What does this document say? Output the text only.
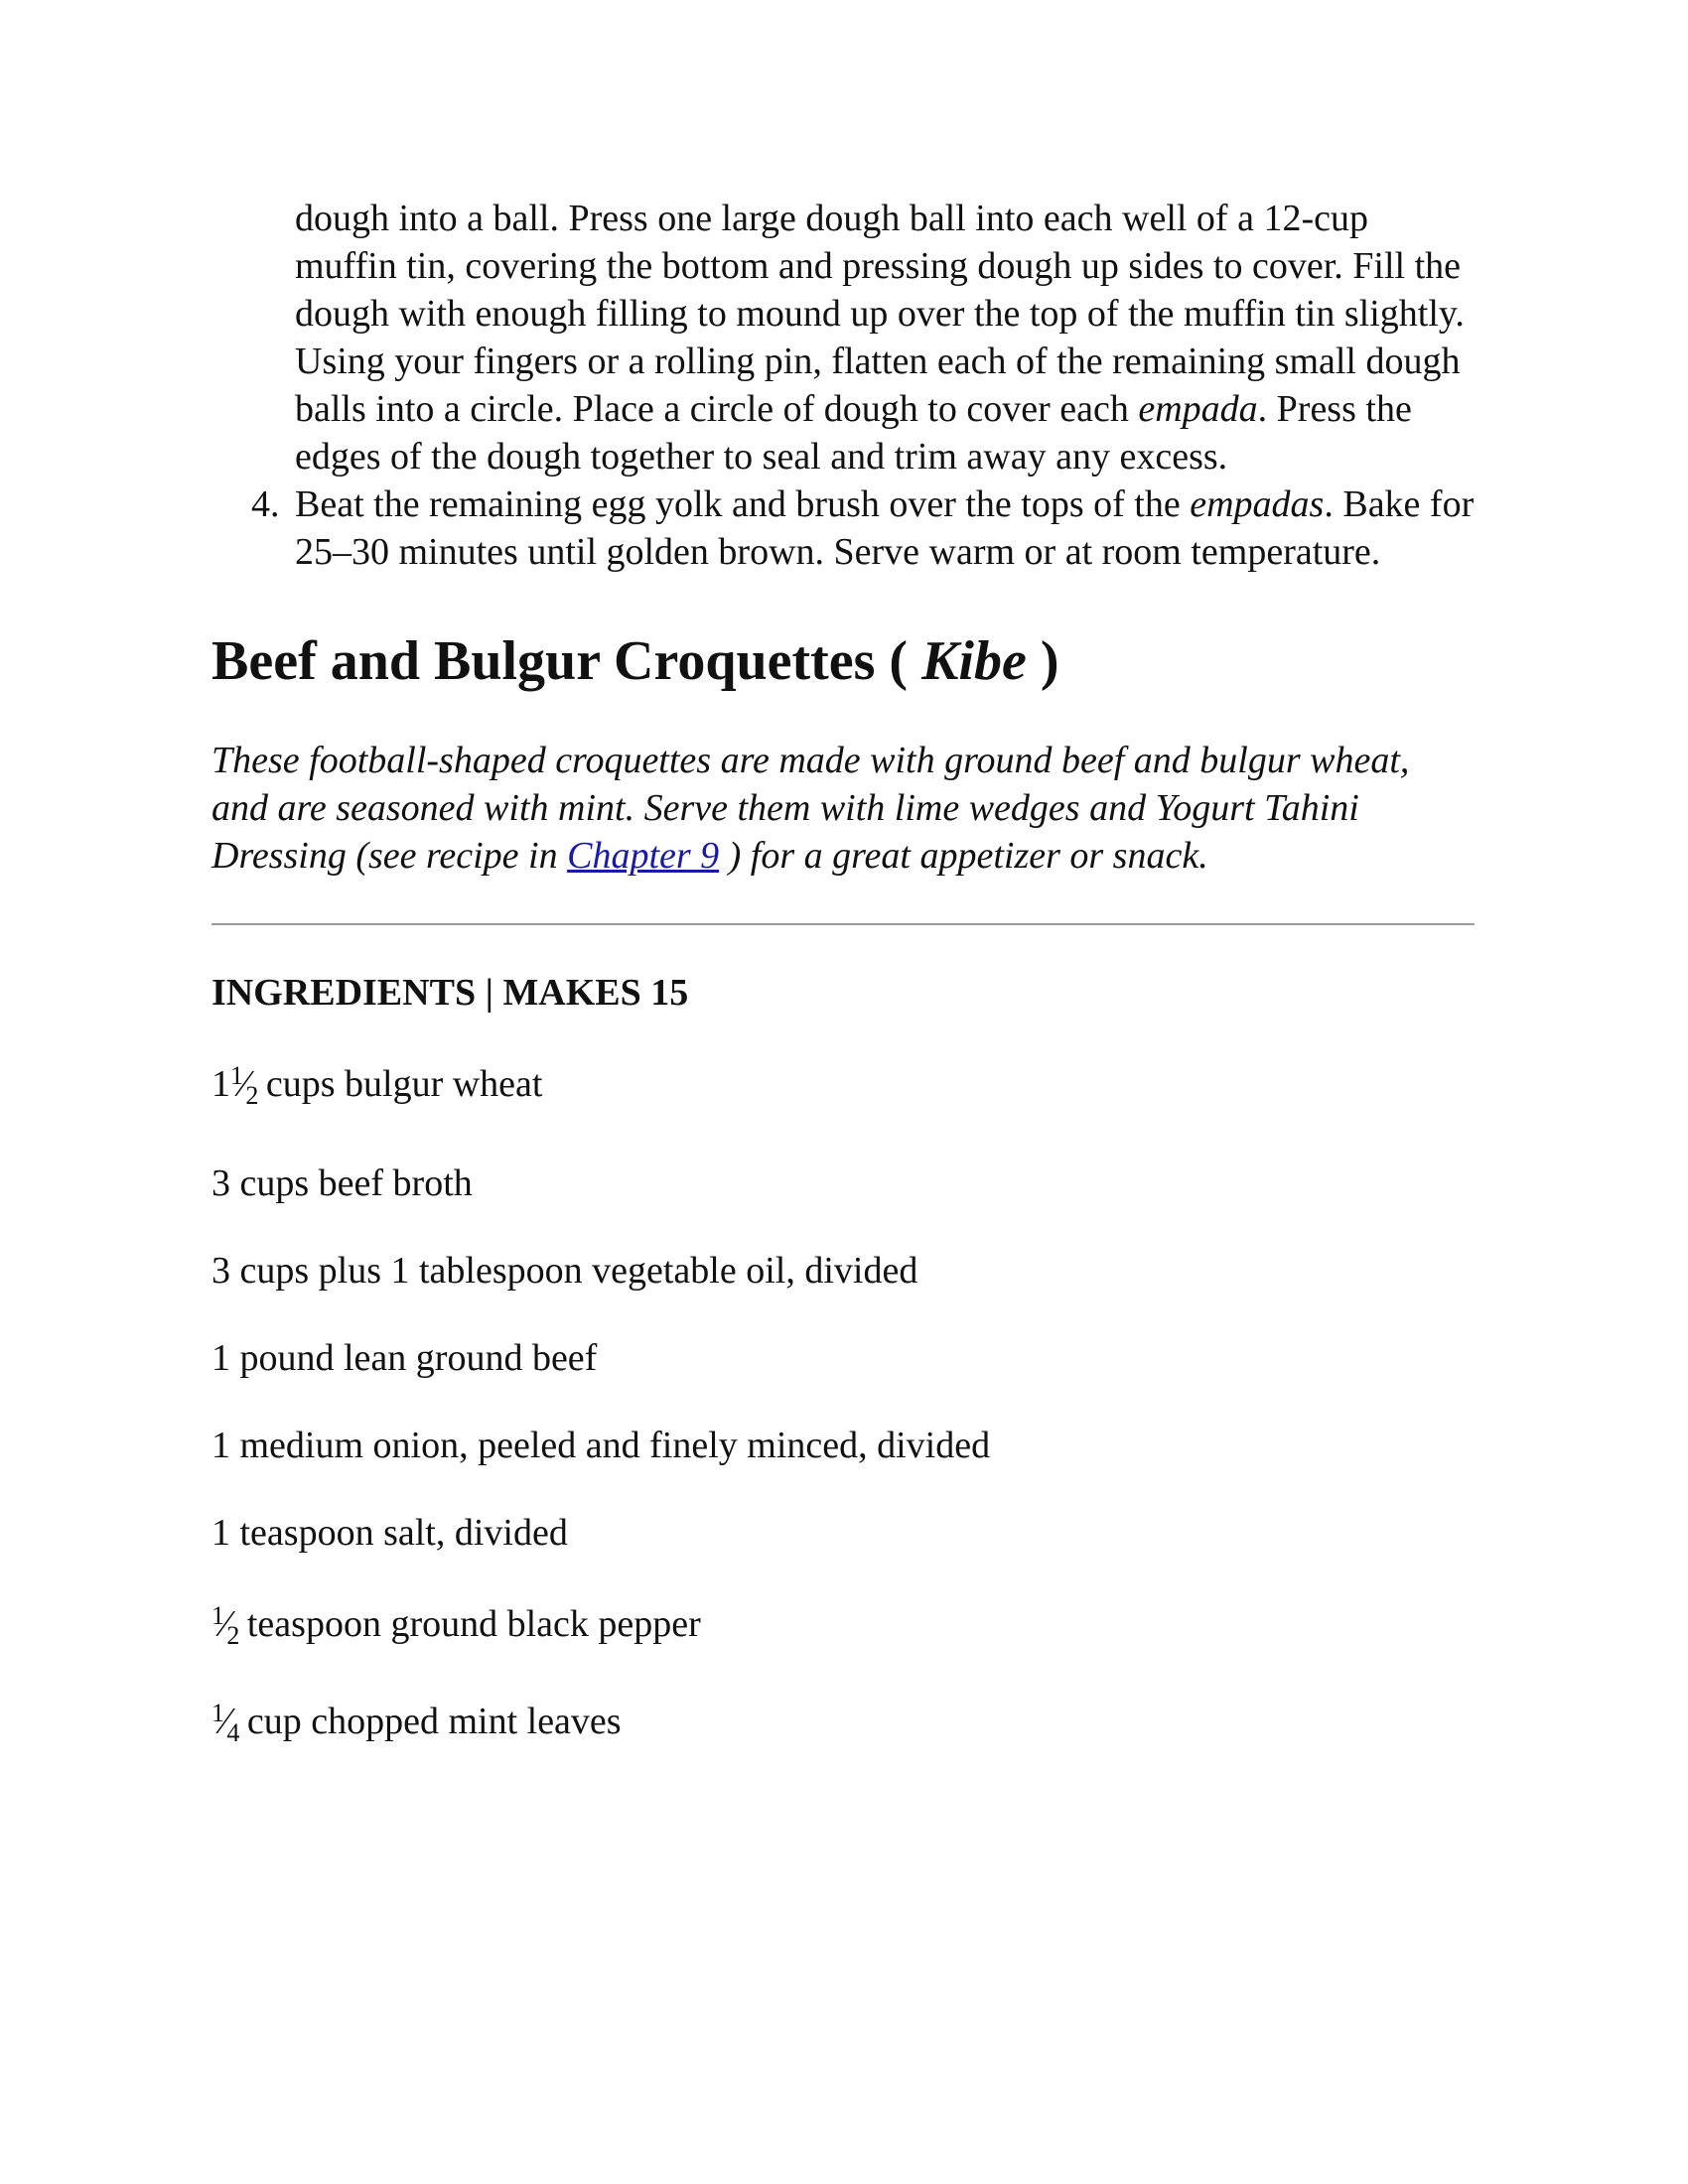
dough into a ball. Press one large dough ball into each well of a 12-cup muffin tin, covering the bottom and pressing dough up sides to cover. Fill the dough with enough filling to mound up over the top of the muffin tin slightly. Using your fingers or a rolling pin, flatten each of the remaining small dough balls into a circle. Place a circle of dough to cover each empada. Press the edges of the dough together to seal and trim away any excess.

4. Beat the remaining egg yolk and brush over the tops of the empadas. Bake for 25–30 minutes until golden brown. Serve warm or at room temperature.

Beef and Bulgur Croquettes ( Kibe )

These football-shaped croquettes are made with ground beef and bulgur wheat, and are seasoned with mint. Serve them with lime wedges and Yogurt Tahini Dressing (see recipe in Chapter 9 ) for a great appetizer or snack.

INGREDIENTS | MAKES 15

$1^1⁄_2$ cups bulgur wheat
3 cups beef broth
3 cups plus 1 tablespoon vegetable oil, divided
1 pound lean ground beef
1 medium onion, peeled and finely minced, divided
1 teaspoon salt, divided
$^1⁄_2$ teaspoon ground black pepper
$^1⁄_4$ cup chopped mint leaves
